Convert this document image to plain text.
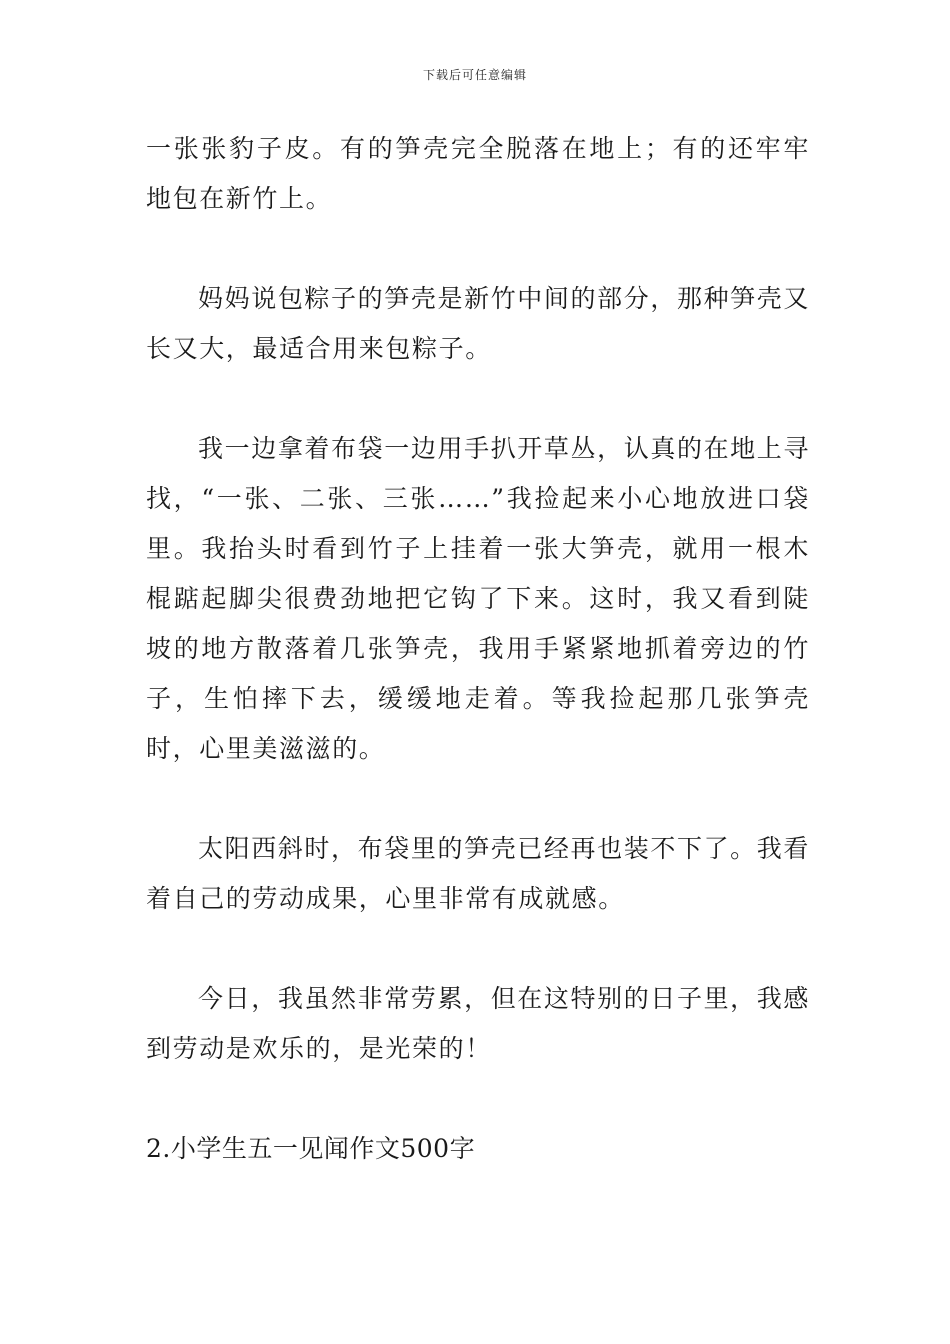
下载后可任意编辑

一张张豹子皮。有的笋壳完全脱落在地上；有的还牢牢地包在新竹上。

妈妈说包粽子的笋壳是新竹中间的部分，那种笋壳又长又大，最适合用来包粽子。

我一边拿着布袋一边用手扒开草丛，认真的在地上寻找，“一张、二张、三张……”我捡起来小心地放进口袋里。我抬头时看到竹子上挂着一张大笋壳，就用一根木棍踮起脚尖很费劲地把它钩了下来。这时，我又看到陡坡的地方散落着几张笋壳，我用手紧紧地抓着旁边的竹子，生怕摔下去，缓缓地走着。等我捡起那几张笋壳时，心里美滋滋的。

太阳西斜时，布袋里的笋壳已经再也装不下了。我看着自己的劳动成果，心里非常有成就感。

今日，我虽然非常劳累，但在这特别的日子里，我感到劳动是欢乐的，是光荣的！

2.小学生五一见闻作文500字
